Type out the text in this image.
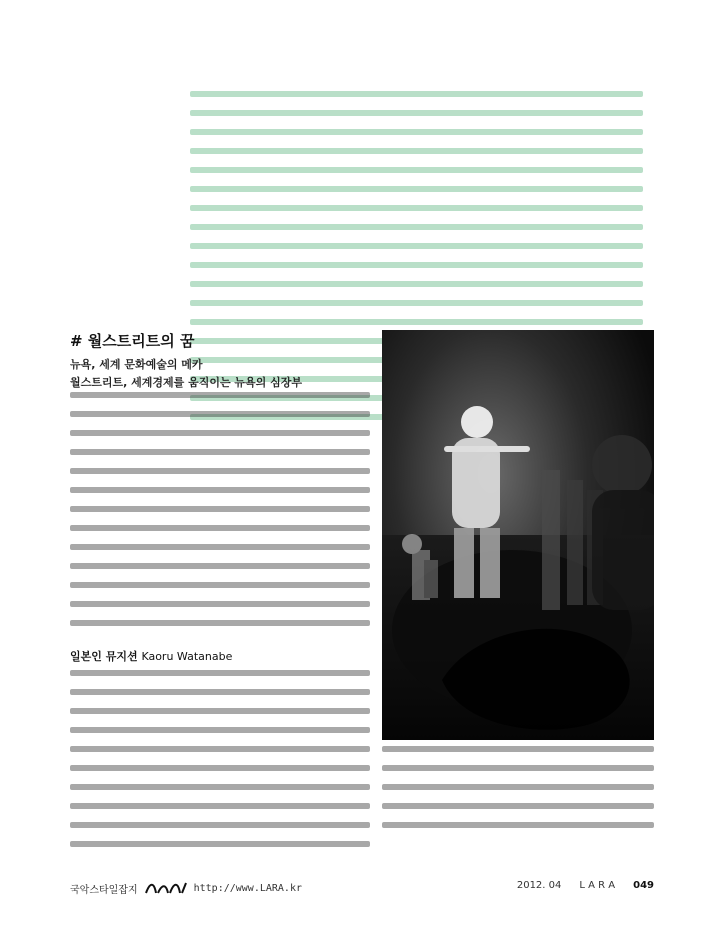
# 월스트리트의 꿈
뉴욕, 세계 문화예술의 메카
월스트리트, 세계경제를 움직이는 뉴욕의 심장부
일본인 뮤지션 Kaoru Watanabe
국악스타일잡지	http://www.LARA.kr	2012. 04 L A R A 049
